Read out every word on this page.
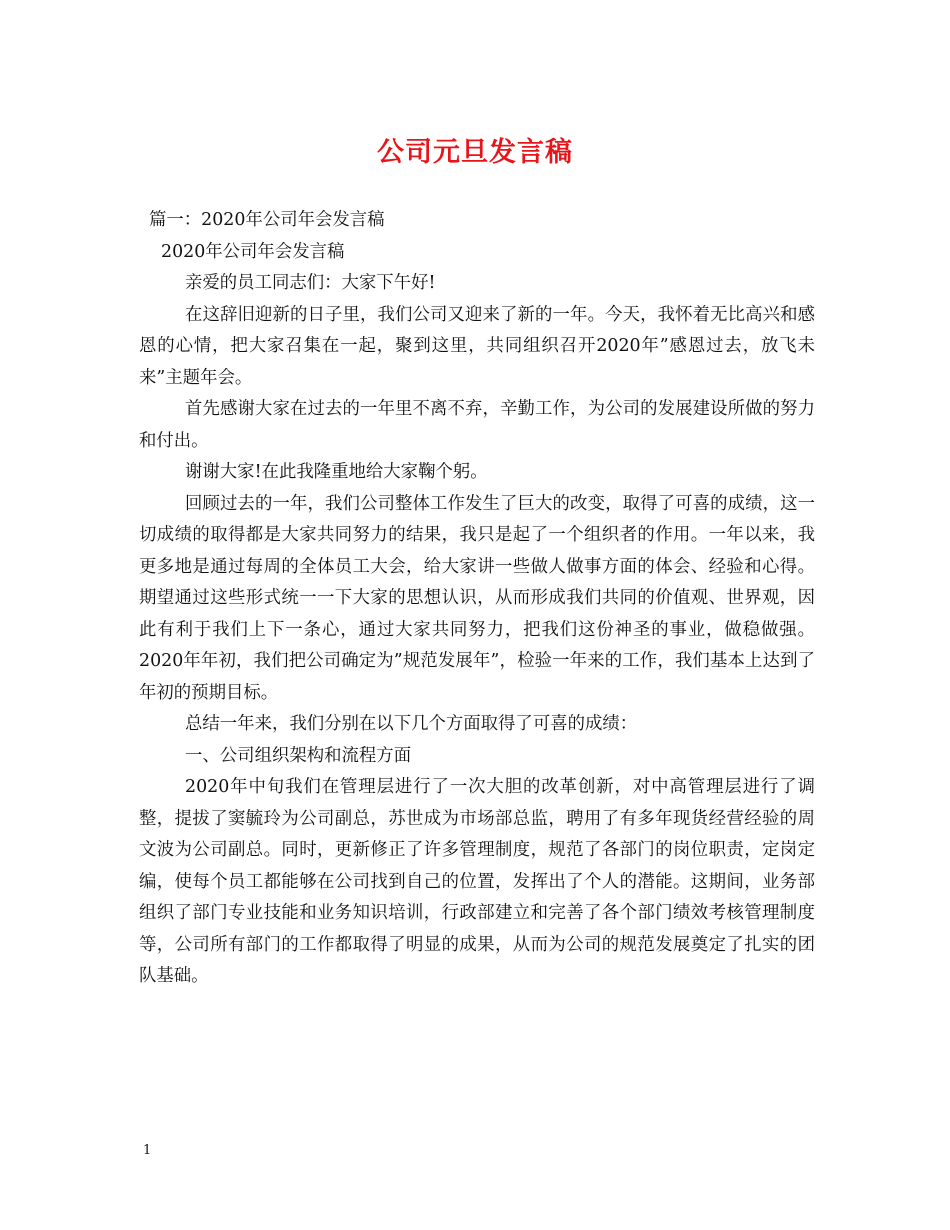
公司元旦发言稿

篇一：2020年公司年会发言稿

2020年公司年会发言稿

亲爱的员工同志们：大家下午好!

在这辞旧迎新的日子里，我们公司又迎来了新的一年。今天，我怀着无比高兴和感恩的心情，把大家召集在一起，聚到这里，共同组织召开2020年”感恩过去，放飞未来”主题年会。

首先感谢大家在过去的一年里不离不弃，辛勤工作，为公司的发展建设所做的努力和付出。

谢谢大家!在此我隆重地给大家鞠个躬。

回顾过去的一年，我们公司整体工作发生了巨大的改变，取得了可喜的成绩，这一切成绩的取得都是大家共同努力的结果，我只是起了一个组织者的作用。一年以来，我更多地是通过每周的全体员工大会，给大家讲一些做人做事方面的体会、经验和心得。期望通过这些形式统一一下大家的思想认识，从而形成我们共同的价值观、世界观，因此有利于我们上下一条心，通过大家共同努力，把我们这份神圣的事业，做稳做强。2020年年初，我们把公司确定为”规范发展年”，检验一年来的工作，我们基本上达到了年初的预期目标。

总结一年来，我们分别在以下几个方面取得了可喜的成绩：

一、公司组织架构和流程方面

2020年中旬我们在管理层进行了一次大胆的改革创新，对中高管理层进行了调整，提拔了窦毓玲为公司副总，苏世成为市场部总监，聘用了有多年现货经营经验的周文波为公司副总。同时，更新修正了许多管理制度，规范了各部门的岗位职责，定岗定编，使每个员工都能够在公司找到自己的位置，发挥出了个人的潜能。这期间，业务部组织了部门专业技能和业务知识培训，行政部建立和完善了各个部门绩效考核管理制度等，公司所有部门的工作都取得了明显的成果，从而为公司的规范发展奠定了扎实的团队基础。

1
